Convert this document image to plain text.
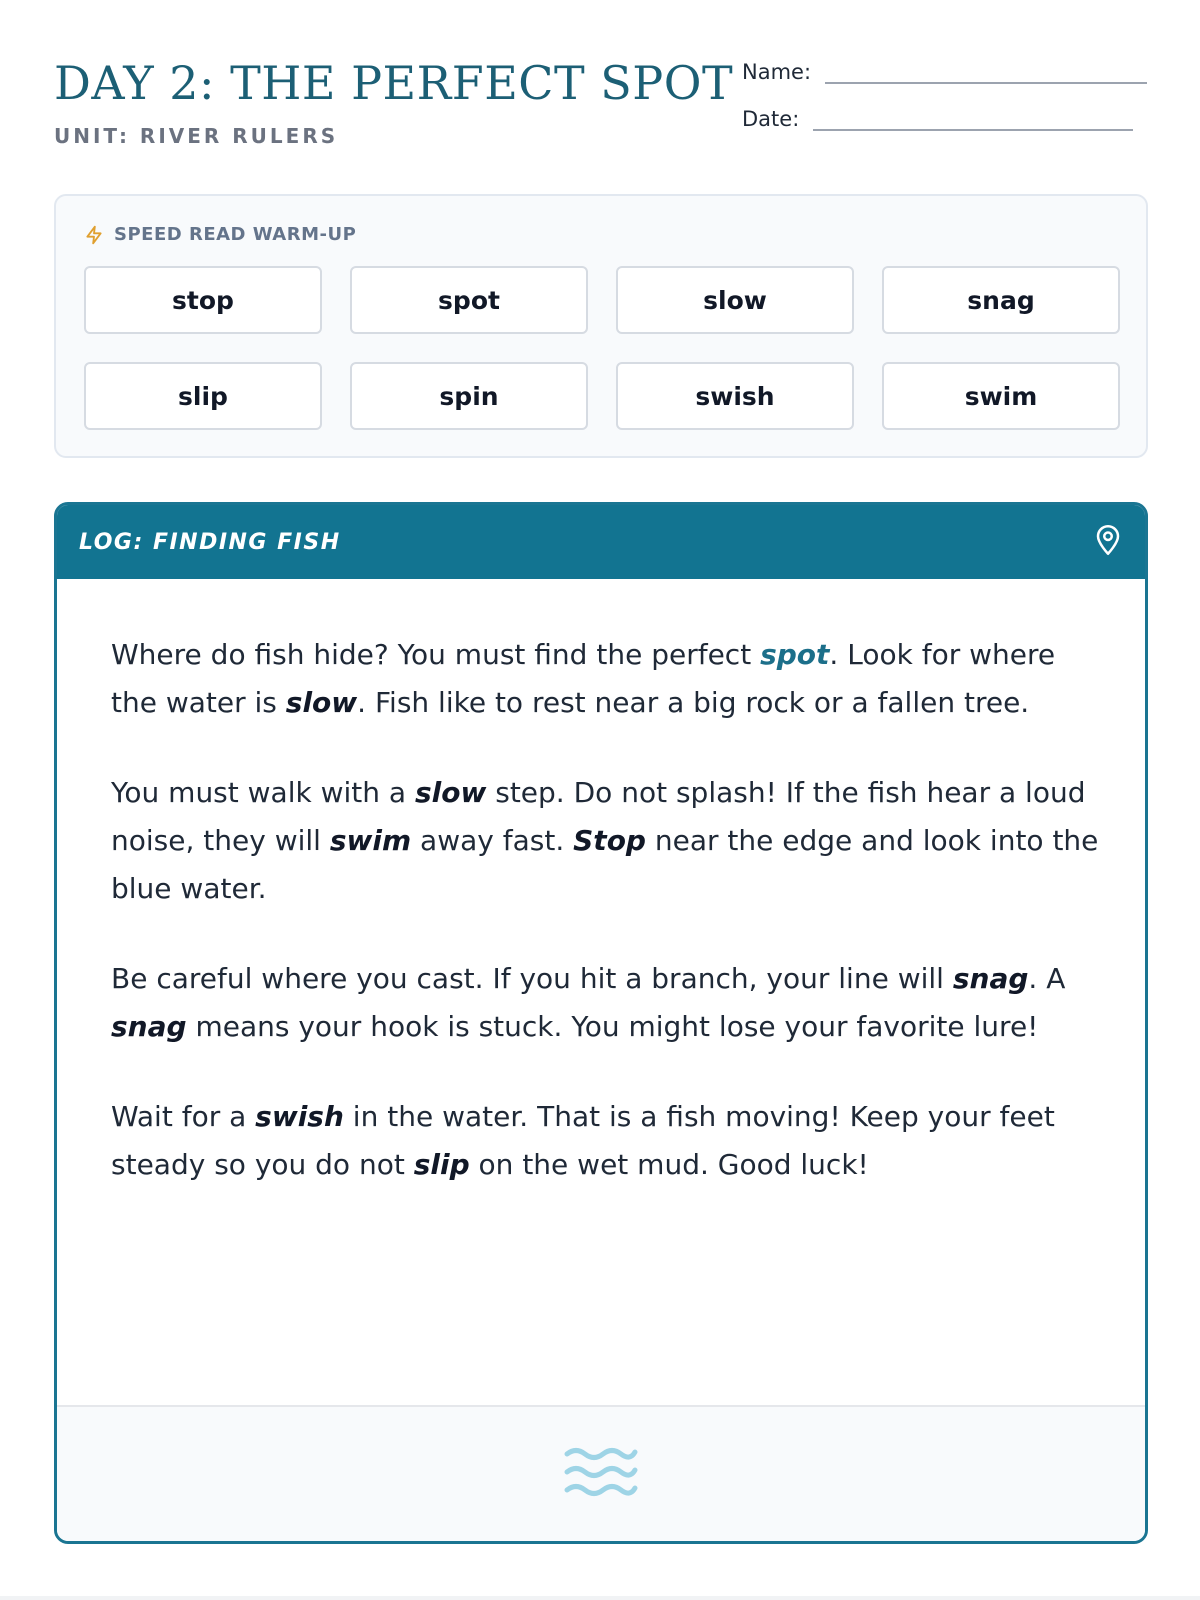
DAY 2: THE PERFECT SPOT
UNIT: RIVER RULERS
Name:
Date:
SPEED READ WARM-UP
stop	spot	slow	snag
slip	spin	swish	swim
LOG: FINDING FISH

Where do fish hide? You must find the perfect spot. Look for where the water is slow. Fish like to rest near a big rock or a fallen tree.

You must walk with a slow step. Do not splash! If the fish hear a loud noise, they will swim away fast. Stop near the edge and look into the blue water.

Be careful where you cast. If you hit a branch, your line will snag. A snag means your hook is stuck. You might lose your favorite lure!

Wait for a swish in the water. That is a fish moving! Keep your feet steady so you do not slip on the wet mud. Good luck!
